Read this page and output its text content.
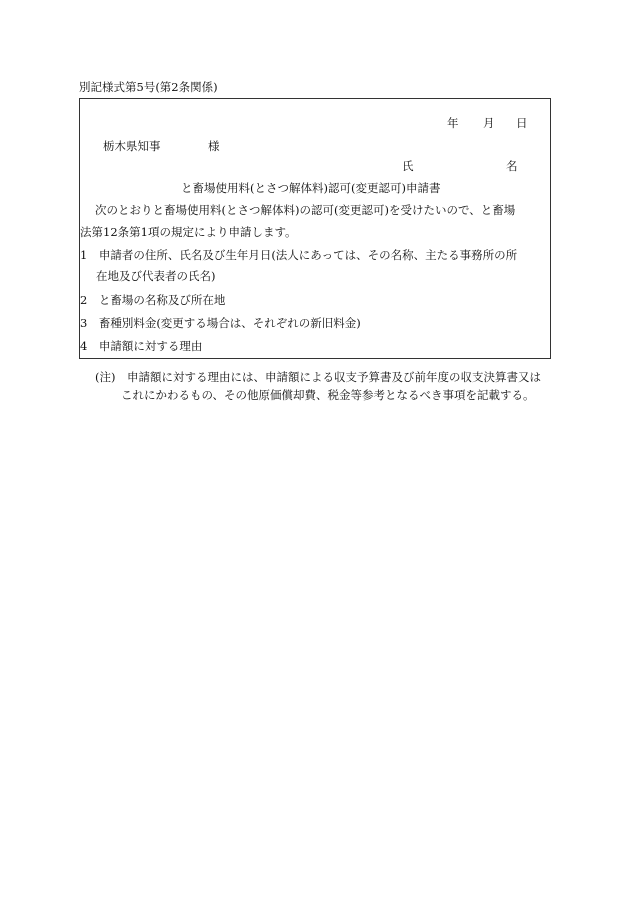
別記様式第5号(第2条関係)
年 月 日
栃木県知事	様
氏	名
と畜場使用料(とさつ解体料)認可(変更認可)申請書
次のとおりと畜場使用料(とさつ解体料)の認可(変更認可)を受けたいので、と畜場
法第12条第1項の規定により申請します。
1　申請者の住所、氏名及び生年月日(法人にあっては、その名称、主たる事務所の所
在地及び代表者の氏名)
2　と畜場の名称及び所在地
3　畜種別料金(変更する場合は、それぞれの新旧料金)
4　申請額に対する理由
(注)　申請額に対する理由には、申請額による収支予算書及び前年度の収支決算書又は
これにかわるもの、その他原価償却費、税金等参考となるべき事項を記載する。
